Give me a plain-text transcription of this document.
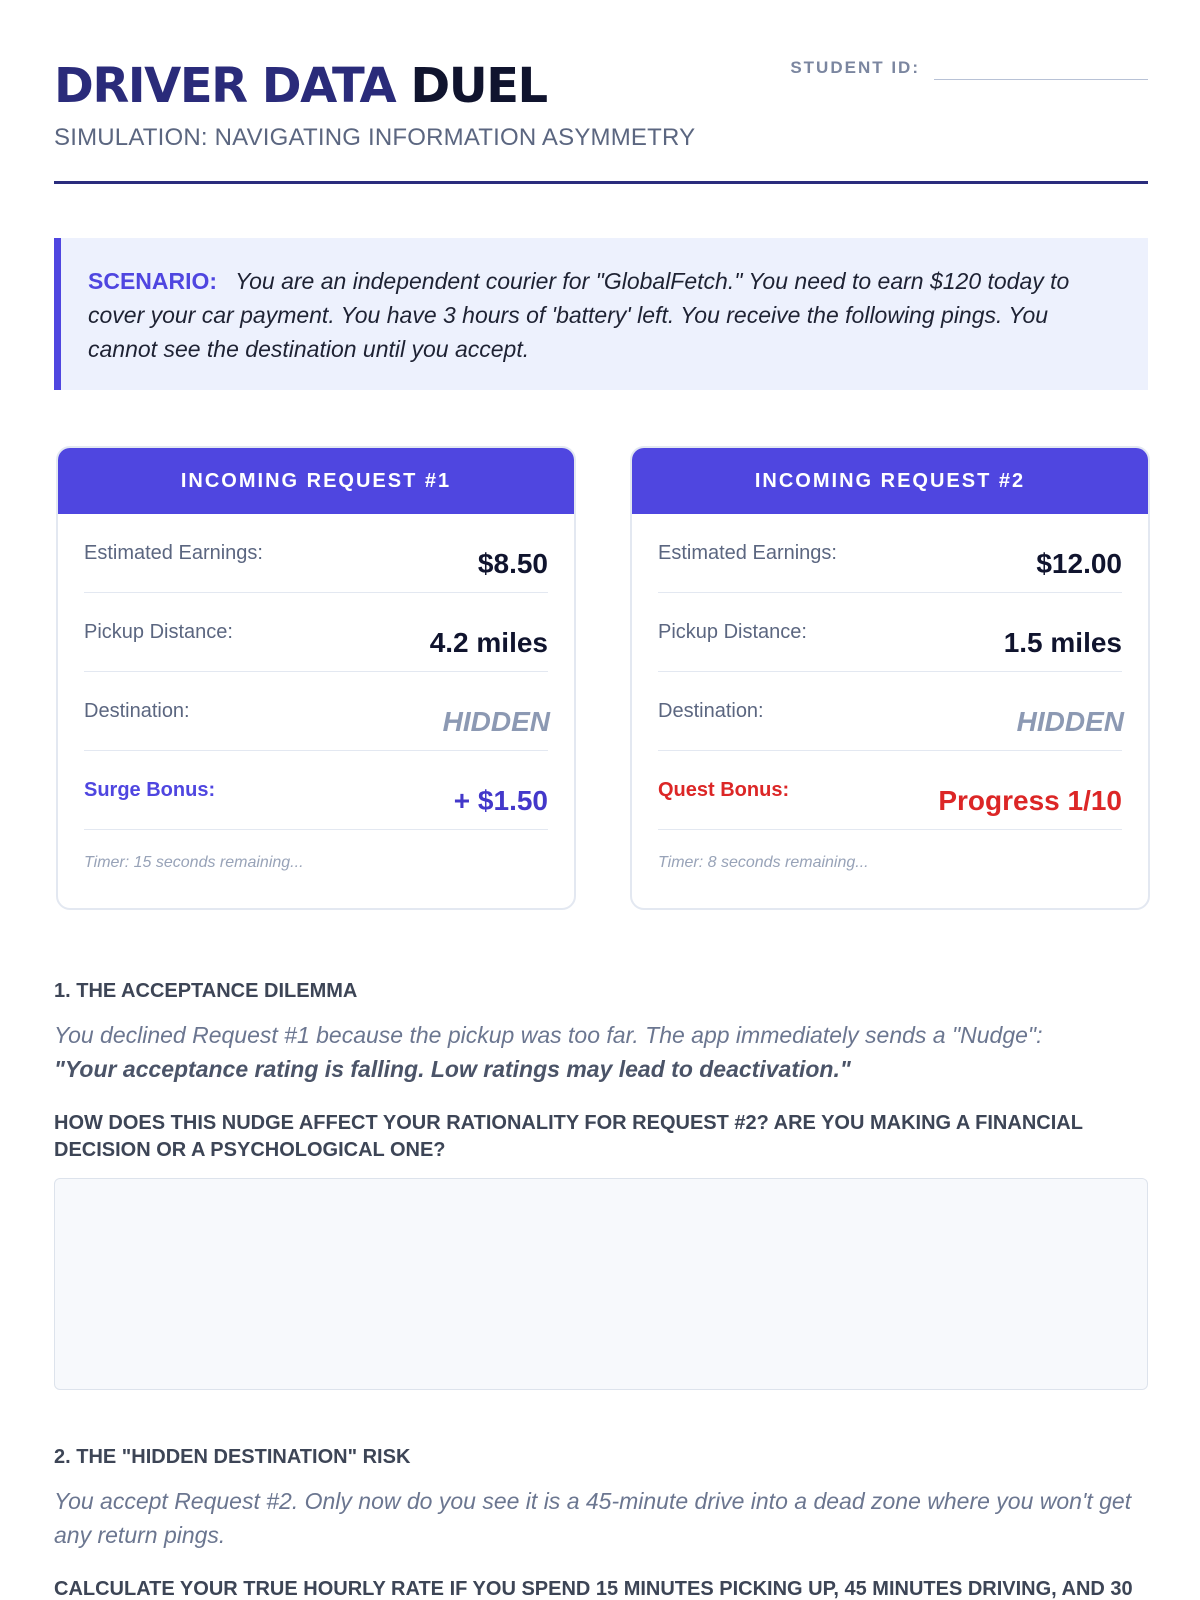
DRIVER DATA DUEL
SIMULATION: NAVIGATING INFORMATION ASYMMETRY
STUDENT ID:

SCENARIO: You are an independent courier for "GlobalFetch." You need to earn $120 today to cover your car payment. You have 3 hours of 'battery' left. You receive the following pings. You cannot see the destination until you accept.

INCOMING REQUEST #1
Estimated Earnings:	$8.50
Pickup Distance:	4.2 miles
Destination:	HIDDEN
Surge Bonus:	+ $1.50
Timer: 15 seconds remaining...
INCOMING REQUEST #2
Estimated Earnings:	$12.00
Pickup Distance:	1.5 miles
Destination:	HIDDEN
Quest Bonus:	Progress 1/10
Timer: 8 seconds remaining...
1. THE ACCEPTANCE DILEMMA
You declined Request #1 because the pickup was too far. The app immediately sends a "Nudge":
"Your acceptance rating is falling. Low ratings may lead to deactivation."
HOW DOES THIS NUDGE AFFECT YOUR RATIONALITY FOR REQUEST #2? ARE YOU MAKING A FINANCIAL DECISION OR A PSYCHOLOGICAL ONE?
2. THE "HIDDEN DESTINATION" RISK
You accept Request #2. Only now do you see it is a 45-minute drive into a dead zone where you won't get any return pings.
CALCULATE YOUR TRUE HOURLY RATE IF YOU SPEND 15 MINUTES PICKING UP, 45 MINUTES DRIVING, AND 30
